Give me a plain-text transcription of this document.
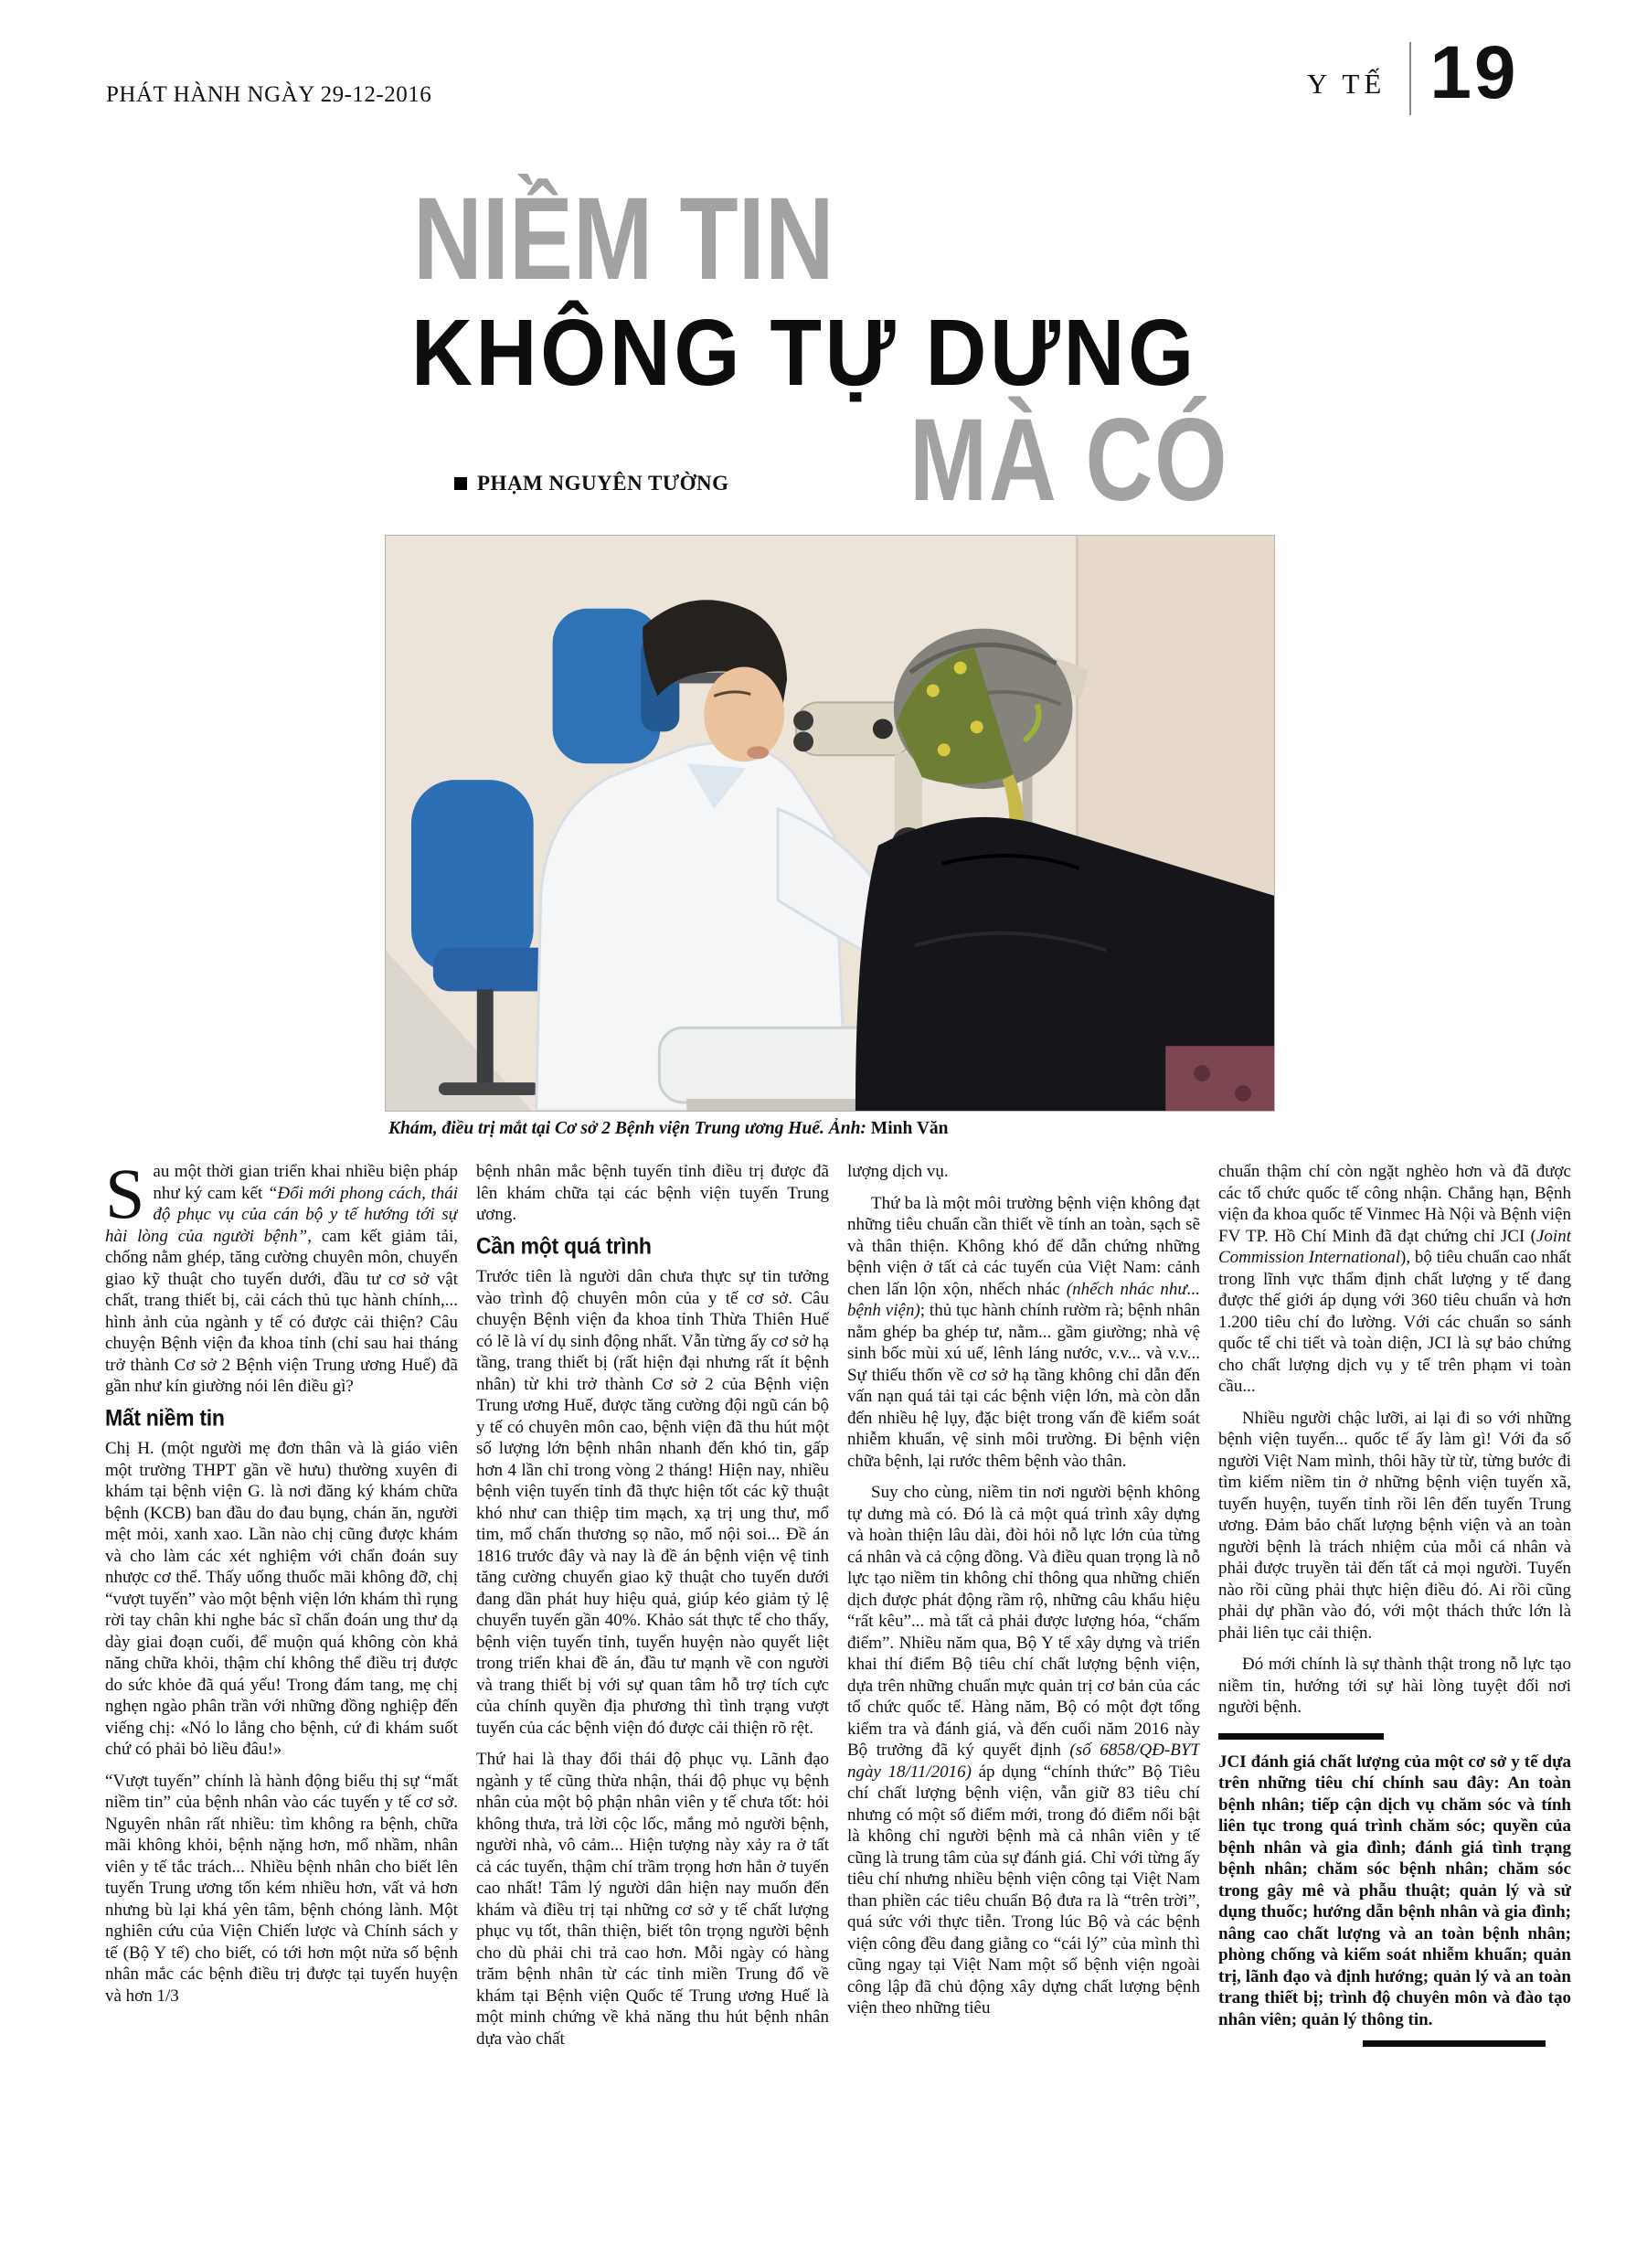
PHÁT HÀNH NGÀY 29-12-2016	Y TẾ 19
NIỀM TIN
KHÔNG TỰ DƯNG
MÀ CÓ
PHẠM NGUYÊN TƯỜNG
Khám, điều trị mắt tại Cơ sở 2 Bệnh viện Trung ương Huế. Ảnh: Minh Văn

Sau một thời gian triển khai nhiều biện pháp như ký cam kết “Đổi mới phong cách, thái độ phục vụ của cán bộ y tế hướng tới sự hài lòng của người bệnh”, cam kết giảm tải, chống nằm ghép, tăng cường chuyên môn, chuyển giao kỹ thuật cho tuyến dưới, đầu tư cơ sở vật chất, trang thiết bị, cải cách thủ tục hành chính,... hình ảnh của ngành y tế có được cải thiện? Câu chuyện Bệnh viện đa khoa tỉnh (chỉ sau hai tháng trở thành Cơ sở 2 Bệnh viện Trung ương Huế) đã gần như kín giường nói lên điều gì?

Mất niềm tin

Chị H. (một người mẹ đơn thân và là giáo viên một trường THPT gần về hưu) thường xuyên đi khám tại bệnh viện G. là nơi đăng ký khám chữa bệnh (KCB) ban đầu do đau bụng, chán ăn, người mệt mỏi, xanh xao. Lần nào chị cũng được khám và cho làm các xét nghiệm với chẩn đoán suy nhược cơ thể. Thấy uống thuốc mãi không đỡ, chị “vượt tuyến” vào một bệnh viện lớn khám thì rụng rời tay chân khi nghe bác sĩ chẩn đoán ung thư dạ dày giai đoạn cuối, để muộn quá không còn khả năng chữa khỏi, thậm chí không thể điều trị được do sức khỏe đã quá yếu! Trong đám tang, mẹ chị nghẹn ngào phân trần với những đồng nghiệp đến viếng chị: «Nó lo lắng cho bệnh, cứ đi khám suốt chứ có phải bỏ liều đâu!»

“Vượt tuyến” chính là hành động biểu thị sự “mất niềm tin” của bệnh nhân vào các tuyến y tế cơ sở. Nguyên nhân rất nhiều: tìm không ra bệnh, chữa mãi không khỏi, bệnh nặng hơn, mổ nhầm, nhân viên y tế tắc trách... Nhiều bệnh nhân cho biết lên tuyến Trung ương tốn kém nhiều hơn, vất vả hơn nhưng bù lại khá yên tâm, bệnh chóng lành. Một nghiên cứu của Viện Chiến lược và Chính sách y tế (Bộ Y tế) cho biết, có tới hơn một nửa số bệnh nhân mắc các bệnh điều trị được tại tuyến huyện và hơn 1/3

bệnh nhân mắc bệnh tuyến tỉnh điều trị được đã lên khám chữa tại các bệnh viện tuyến Trung ương.

Cần một quá trình

Trước tiên là người dân chưa thực sự tin tưởng vào trình độ chuyên môn của y tế cơ sở. Câu chuyện Bệnh viện đa khoa tỉnh Thừa Thiên Huế có lẽ là ví dụ sinh động nhất. Vẫn từng ấy cơ sở hạ tầng, trang thiết bị (rất hiện đại nhưng rất ít bệnh nhân) từ khi trở thành Cơ sở 2 của Bệnh viện Trung ương Huế, được tăng cường đội ngũ cán bộ y tế có chuyên môn cao, bệnh viện đã thu hút một số lượng lớn bệnh nhân nhanh đến khó tin, gấp hơn 4 lần chỉ trong vòng 2 tháng! Hiện nay, nhiều bệnh viện tuyến tỉnh đã thực hiện tốt các kỹ thuật khó như can thiệp tim mạch, xạ trị ung thư, mổ tim, mổ chấn thương sọ não, mổ nội soi... Đề án 1816 trước đây và nay là đề án bệnh viện vệ tinh tăng cường chuyển giao kỹ thuật cho tuyến dưới đang dần phát huy hiệu quả, giúp kéo giảm tỷ lệ chuyển tuyến gần 40%. Khảo sát thực tế cho thấy, bệnh viện tuyến tỉnh, tuyến huyện nào quyết liệt trong triển khai đề án, đầu tư mạnh về con người và trang thiết bị với sự quan tâm hỗ trợ tích cực của chính quyền địa phương thì tình trạng vượt tuyến của các bệnh viện đó được cải thiện rõ rệt.

Thứ hai là thay đổi thái độ phục vụ. Lãnh đạo ngành y tế cũng thừa nhận, thái độ phục vụ bệnh nhân của một bộ phận nhân viên y tế chưa tốt: hỏi không thưa, trả lời cộc lốc, mắng mỏ người bệnh, người nhà, vô cảm... Hiện tượng này xảy ra ở tất cả các tuyến, thậm chí trầm trọng hơn hẳn ở tuyến cao nhất! Tâm lý người dân hiện nay muốn đến khám và điều trị tại những cơ sở y tế chất lượng phục vụ tốt, thân thiện, biết tôn trọng người bệnh cho dù phải chi trả cao hơn. Mỗi ngày có hàng trăm bệnh nhân từ các tỉnh miền Trung đổ về khám tại Bệnh viện Quốc tế Trung ương Huế là một minh chứng về khả năng thu hút bệnh nhân dựa vào chất

lượng dịch vụ.

Thứ ba là một môi trường bệnh viện không đạt những tiêu chuẩn cần thiết về tính an toàn, sạch sẽ và thân thiện. Không khó để dẫn chứng những bệnh viện ở tất cả các tuyến của Việt Nam: cảnh chen lấn lộn xộn, nhếch nhác (nhếch nhác như... bệnh viện); thủ tục hành chính rườm rà; bệnh nhân nằm ghép ba ghép tư, nằm... gầm giường; nhà vệ sinh bốc mùi xú uế, lênh láng nước, v.v... và v.v... Sự thiếu thốn về cơ sở hạ tầng không chỉ dẫn đến vấn nạn quá tải tại các bệnh viện lớn, mà còn dẫn đến nhiều hệ lụy, đặc biệt trong vấn đề kiểm soát nhiễm khuẩn, vệ sinh môi trường. Đi bệnh viện chữa bệnh, lại rước thêm bệnh vào thân.

Suy cho cùng, niềm tin nơi người bệnh không tự dưng mà có. Đó là cả một quá trình xây dựng và hoàn thiện lâu dài, đòi hỏi nỗ lực lớn của từng cá nhân và cả cộng đồng. Và điều quan trọng là nỗ lực tạo niềm tin không chỉ thông qua những chiến dịch được phát động rầm rộ, những câu khẩu hiệu “rất kêu”... mà tất cả phải được lượng hóa, “chấm điểm”. Nhiều năm qua, Bộ Y tế xây dựng và triển khai thí điểm Bộ tiêu chí chất lượng bệnh viện, dựa trên những chuẩn mực quản trị cơ bản của các tổ chức quốc tế. Hàng năm, Bộ có một đợt tổng kiểm tra và đánh giá, và đến cuối năm 2016 này Bộ trưởng đã ký quyết định (số 6858/QĐ-BYT ngày 18/11/2016) áp dụng “chính thức” Bộ Tiêu chí chất lượng bệnh viện, vẫn giữ 83 tiêu chí nhưng có một số điểm mới, trong đó điểm nổi bật là không chỉ người bệnh mà cả nhân viên y tế cũng là trung tâm của sự đánh giá. Chỉ với từng ấy tiêu chí nhưng nhiều bệnh viện công tại Việt Nam than phiền các tiêu chuẩn Bộ đưa ra là “trên trời”, quá sức với thực tiễn. Trong lúc Bộ và các bệnh viện công đều đang giằng co “cái lý” của mình thì cũng ngay tại Việt Nam một số bệnh viện ngoài công lập đã chủ động xây dựng chất lượng bệnh viện theo những tiêu

chuẩn thậm chí còn ngặt nghèo hơn và đã được các tổ chức quốc tế công nhận. Chẳng hạn, Bệnh viện đa khoa quốc tế Vinmec Hà Nội và Bệnh viện FV TP. Hồ Chí Minh đã đạt chứng chỉ JCI (Joint Commission International), bộ tiêu chuẩn cao nhất trong lĩnh vực thẩm định chất lượng y tế đang được thế giới áp dụng với 360 tiêu chuẩn và hơn 1.200 tiêu chí đo lường. Với các chuẩn so sánh quốc tế chi tiết và toàn diện, JCI là sự bảo chứng cho chất lượng dịch vụ y tế trên phạm vi toàn cầu...

Nhiều người chậc lưỡi, ai lại đi so với những bệnh viện tuyến... quốc tế ấy làm gì! Với đa số người Việt Nam mình, thôi hãy từ từ, từng bước đi tìm kiếm niềm tin ở những bệnh viện tuyến xã, tuyến huyện, tuyến tỉnh rồi lên đến tuyến Trung ương. Đảm bảo chất lượng bệnh viện và an toàn người bệnh là trách nhiệm của mỗi cá nhân và phải được truyền tải đến tất cả mọi người. Tuyến nào rồi cũng phải thực hiện điều đó. Ai rồi cũng phải dự phần vào đó, với một thách thức lớn là phải liên tục cải thiện.

Đó mới chính là sự thành thật trong nỗ lực tạo niềm tin, hướng tới sự hài lòng tuyệt đối nơi người bệnh.

JCI đánh giá chất lượng của một cơ sở y tế dựa trên những tiêu chí chính sau đây: An toàn bệnh nhân; tiếp cận dịch vụ chăm sóc và tính liên tục trong quá trình chăm sóc; quyền của bệnh nhân và gia đình; đánh giá tình trạng bệnh nhân; chăm sóc bệnh nhân; chăm sóc trong gây mê và phẫu thuật; quản lý và sử dụng thuốc; hướng dẫn bệnh nhân và gia đình; nâng cao chất lượng và an toàn bệnh nhân; phòng chống và kiểm soát nhiễm khuẩn; quản trị, lãnh đạo và định hướng; quản lý và an toàn trang thiết bị; trình độ chuyên môn và đào tạo nhân viên; quản lý thông tin.
